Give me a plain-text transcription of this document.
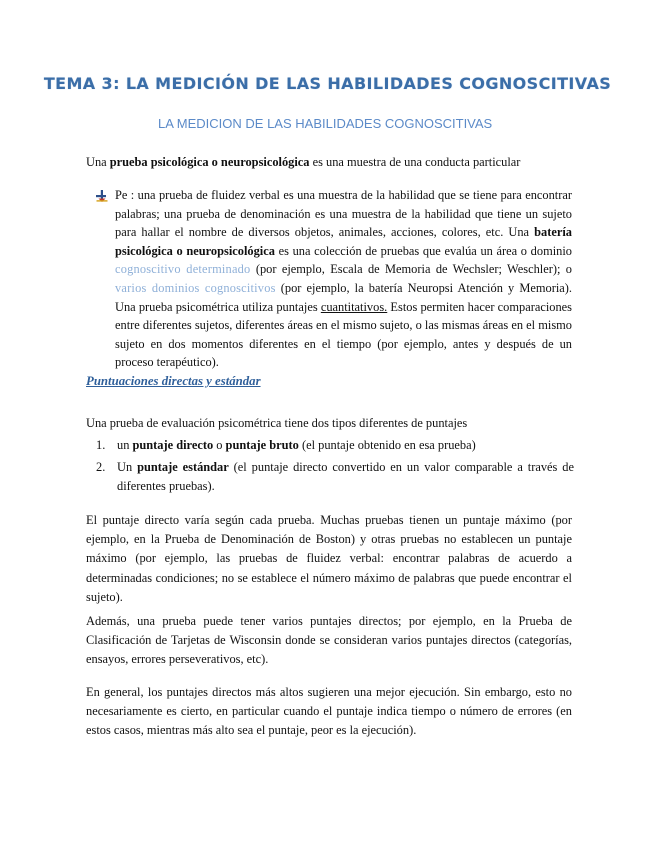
TEMA 3: LA MEDICIÓN DE LAS HABILIDADES COGNOSCITIVAS
LA MEDICION DE LAS HABILIDADES COGNOSCITIVAS
Una prueba psicológica o neuropsicológica es una muestra de una conducta particular
Pe : una prueba de fluidez verbal es una muestra de la habilidad que se tiene para encontrar palabras; una prueba de denominación es una muestra de la habilidad que tiene un sujeto para hallar el nombre de diversos objetos, animales, acciones, colores, etc. Una batería psicológica o neuropsicológica es una colección de pruebas que evalúa un área o dominio cognoscitivo determinado (por ejemplo, Escala de Memoria de Wechsler; Weschler); o varios dominios cognoscitivos (por ejemplo, la batería Neuropsi Atención y Memoria). Una prueba psicométrica utiliza puntajes cuantitativos. Estos permiten hacer comparaciones entre diferentes sujetos, diferentes áreas en el mismo sujeto, o las mismas áreas en el mismo sujeto en dos momentos diferentes en el tiempo (por ejemplo, antes y después de un proceso terapéutico).
Puntuaciones directas y estándar
Una prueba de evaluación psicométrica tiene dos tipos diferentes de puntajes
1. un puntaje directo o puntaje bruto (el puntaje obtenido en esa prueba)
2. Un puntaje estándar (el puntaje directo convertido en un valor comparable a través de diferentes pruebas).
El puntaje directo varía según cada prueba. Muchas pruebas tienen un puntaje máximo (por ejemplo, en la Prueba de Denominación de Boston) y otras pruebas no establecen un puntaje máximo (por ejemplo, las pruebas de fluidez verbal: encontrar palabras de acuerdo a determinadas condiciones; no se establece el número máximo de palabras que puede encontrar el sujeto).
Además, una prueba puede tener varios puntajes directos; por ejemplo, en la Prueba de Clasificación de Tarjetas de Wisconsin donde se consideran varios puntajes directos (categorías, ensayos, errores perseverativos, etc).
En general, los puntajes directos más altos sugieren una mejor ejecución. Sin embargo, esto no necesariamente es cierto, en particular cuando el puntaje indica tiempo o número de errores (en estos casos, mientras más alto sea el puntaje, peor es la ejecución).
